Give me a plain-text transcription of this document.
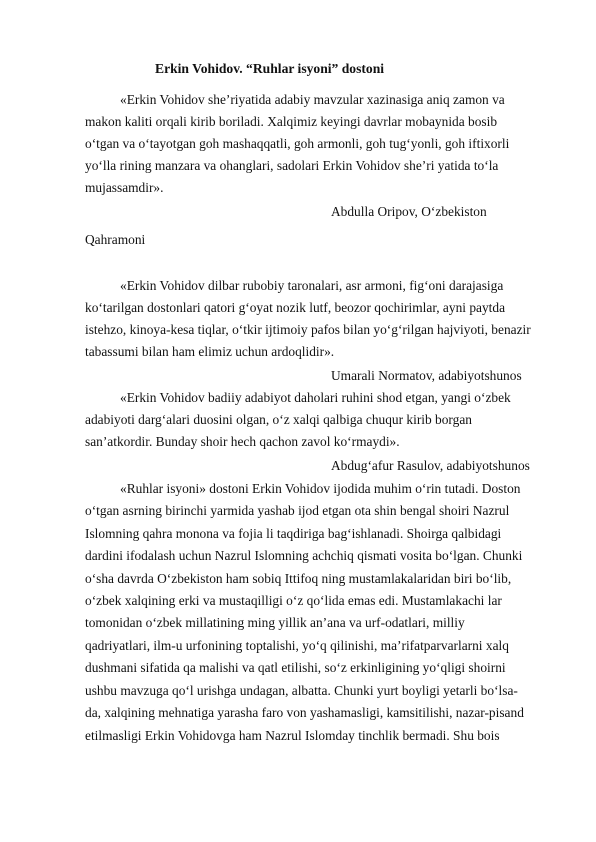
Erkin Vohidov. “Ruhlar isyoni” dostoni
«Erkin Vohidov she’riyatida adabiy mavzular xazinasiga aniq zamon va
makon kaliti orqali kirib boriladi. Xalqimiz keyingi davrlar mobaynida bosib
o‘tgan va o‘tayotgan goh mashaqqatli, goh armonli, goh tug‘yonli, goh iftixorli
yo‘lla rining manzara va ohanglari, sadolari Erkin Vohidov she’ri yatida to‘la
mujassamdir».
Abdulla Oripov, O‘zbekiston
Qahramoni
«Erkin Vohidov dilbar rubobiy taronalari, asr armoni, fig‘oni darajasiga
ko‘tarilgan dostonlari qatori g‘oyat nozik lutf, beozor qochirimlar, ayni paytda
istehzo, kinoya-kesa tiqlar, o‘tkir ijtimoiy pafos bilan yo‘g‘rilgan hajviyoti, benazir
tabassumi bilan ham elimiz uchun ardoqlidir».
Umarali Normatov, adabiyotshunos
«Erkin Vohidov badiiy adabiyot daholari ruhini shod etgan, yangi o‘zbek
adabiyoti darg‘alari duosini olgan, o‘z xalqi qalbiga chuqur kirib borgan
san’atkordir. Bunday shoir hech qachon zavol ko‘rmaydi».
Abdug‘afur Rasulov, adabiyotshunos
«Ruhlar isyoni» dostoni Erkin Vohidov ijodida muhim o‘rin tutadi. Doston
o‘tgan asrning birinchi yarmida yashab ijod etgan ota shin bengal shoiri Nazrul
Islomning qahra monona va fojia li taqdiriga bag‘ishlanadi. Shoirga qalbidagi
dardini ifodalash uchun Nazrul Islomning achchiq qismati vosita bo‘lgan. Chunki
o‘sha davrda O‘zbekiston ham sobiq Ittifoq ning mustamlakalaridan biri bo‘lib,
o‘zbek xalqining erki va mustaqilligi o‘z qo‘lida emas edi. Mustamlakachi lar
tomonidan o‘zbek millatining ming yillik an’ana va urf-odatlari, milliy
qadriyatlari, ilm-u urfonining toptalishi, yo‘q qilinishi, ma’rifatparvarlarni xalq
dushmani sifatida qa malishi va qatl etilishi, so‘z erkinligining yo‘qligi shoirni
ushbu mavzuga qo‘l urishga undagan, albatta. Chunki yurt boyligi yetarli bo‘lsa-
da, xalqining mehnatiga yarasha faro von yashamasligi, kamsitilishi, nazar-pisand
etilmasligi Erkin Vohidovga ham Nazrul Islomday tinchlik bermadi. Shu bois
